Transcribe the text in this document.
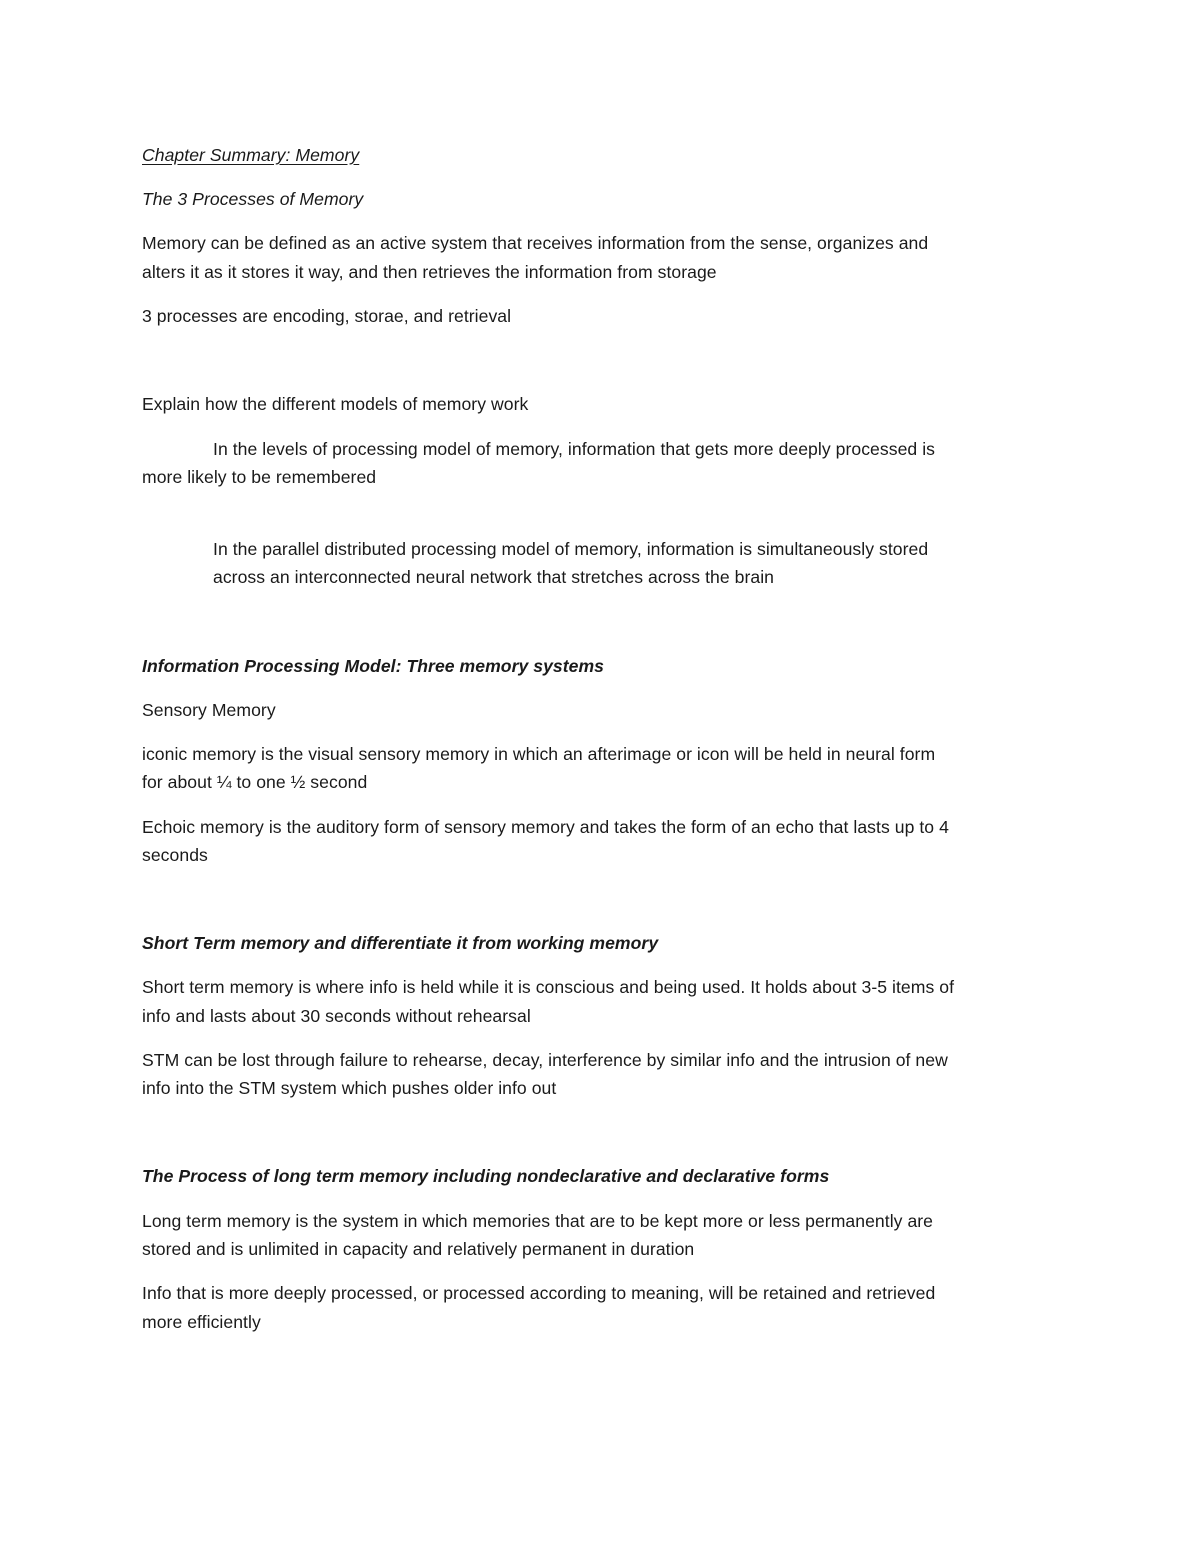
Chapter Summary: Memory

The 3 Processes of Memory

Memory can be defined as an active system that receives information from the sense, organizes and

alters it as it stores it way, and then retrieves the information from storage

3 processes are encoding, storae, and retrieval

Explain how the different models of memory work

In the levels of processing model of memory, information that gets more deeply processed is

more likely to be remembered

In the parallel distributed processing model of memory, information is simultaneously stored

across an interconnected neural network that stretches across the brain

Information Processing Model: Three memory systems

Sensory Memory

iconic memory is the visual sensory memory in which an afterimage or icon will be held in neural form

for about ¼ to one ½ second

Echoic memory is the auditory form of sensory memory and takes the form of an echo that lasts up to 4

seconds

Short Term memory and differentiate it from working memory

Short term memory is where info is held while it is conscious and being used. It holds about 3-5 items of

info and lasts about 30 seconds without rehearsal

STM can be lost through failure to rehearse, decay, interference by similar info and the intrusion of new

info into the STM system which pushes older info out

The Process of long term memory including nondeclarative and declarative forms

Long term memory is the system in which memories that are to be kept more or less permanently are

stored and is unlimited in capacity and relatively permanent in duration

Info that is more deeply processed, or processed according to meaning, will be retained and retrieved

more efficiently
